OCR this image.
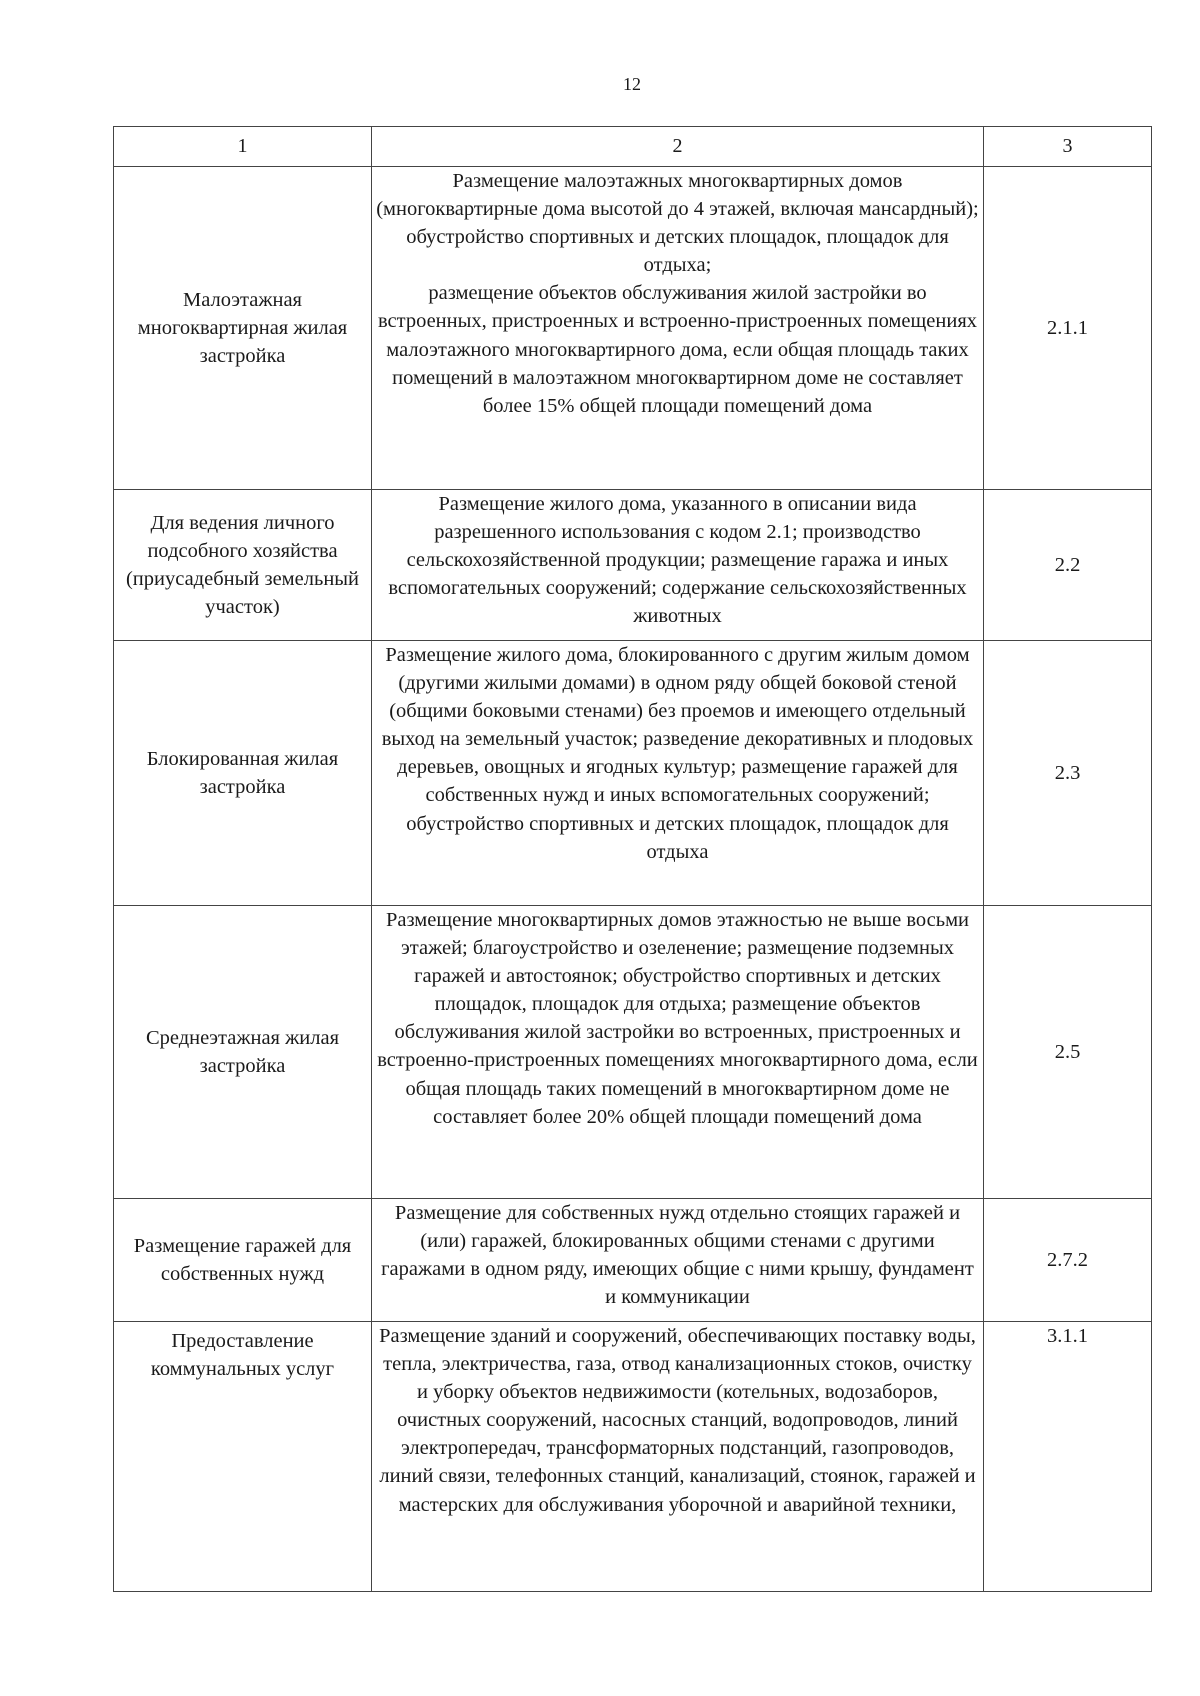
12
1	2	3
Малоэтажная многоквартирная жилая застройка	Размещение малоэтажных многоквартирных домов (многоквартирные дома высотой до 4 этажей, включая мансардный);
обустройство спортивных и детских площадок, площадок для отдыха;
размещение объектов обслуживания жилой застройки во встроенных, пристроенных и встроенно-пристроенных помещениях малоэтажного многоквартирного дома, если общая площадь таких помещений в малоэтажном многоквартирном доме не составляет более 15% общей площади помещений дома	2.1.1
Для ведения личного подсобного хозяйства (приусадебный земельный участок)	Размещение жилого дома, указанного в описании вида разрешенного использования с кодом 2.1; производство сельскохозяйственной продукции; размещение гаража и иных вспомогательных сооружений; содержание сельскохозяйственных животных	2.2
Блокированная жилая застройка	Размещение жилого дома, блокированного с другим жилым домом (другими жилыми домами) в одном ряду общей боковой стеной (общими боковыми стенами) без проемов и имеющего отдельный выход на земельный участок; разведение декоративных и плодовых деревьев, овощных и ягодных культур; размещение гаражей для собственных нужд и иных вспомогательных сооружений; обустройство спортивных и детских площадок, площадок для отдыха	2.3
Среднеэтажная жилая застройка	Размещение многоквартирных домов этажностью не выше восьми этажей; благоустройство и озеленение; размещение подземных гаражей и автостоянок; обустройство спортивных и детских площадок, площадок для отдыха; размещение объектов обслуживания жилой застройки во встроенных, пристроенных и встроенно-пристроенных помещениях многоквартирного дома, если общая площадь таких помещений в многоквартирном доме не составляет более 20% общей площади помещений дома	2.5
Размещение гаражей для собственных нужд	Размещение для собственных нужд отдельно стоящих гаражей и (или) гаражей, блокированных общими стенами с другими гаражами в одном ряду, имеющих общие с ними крышу, фундамент и коммуникации	2.7.2
Предоставление коммунальных услуг	Размещение зданий и сооружений, обеспечивающих поставку воды, тепла, электричества, газа, отвод канализационных стоков, очистку и уборку объектов недвижимости (котельных, водозаборов, очистных сооружений, насосных станций, водопроводов, линий электропередач, трансформаторных подстанций, газопроводов, линий связи, телефонных станций, канализаций, стоянок, гаражей и мастерских для обслуживания уборочной и аварийной техники,	3.1.1
